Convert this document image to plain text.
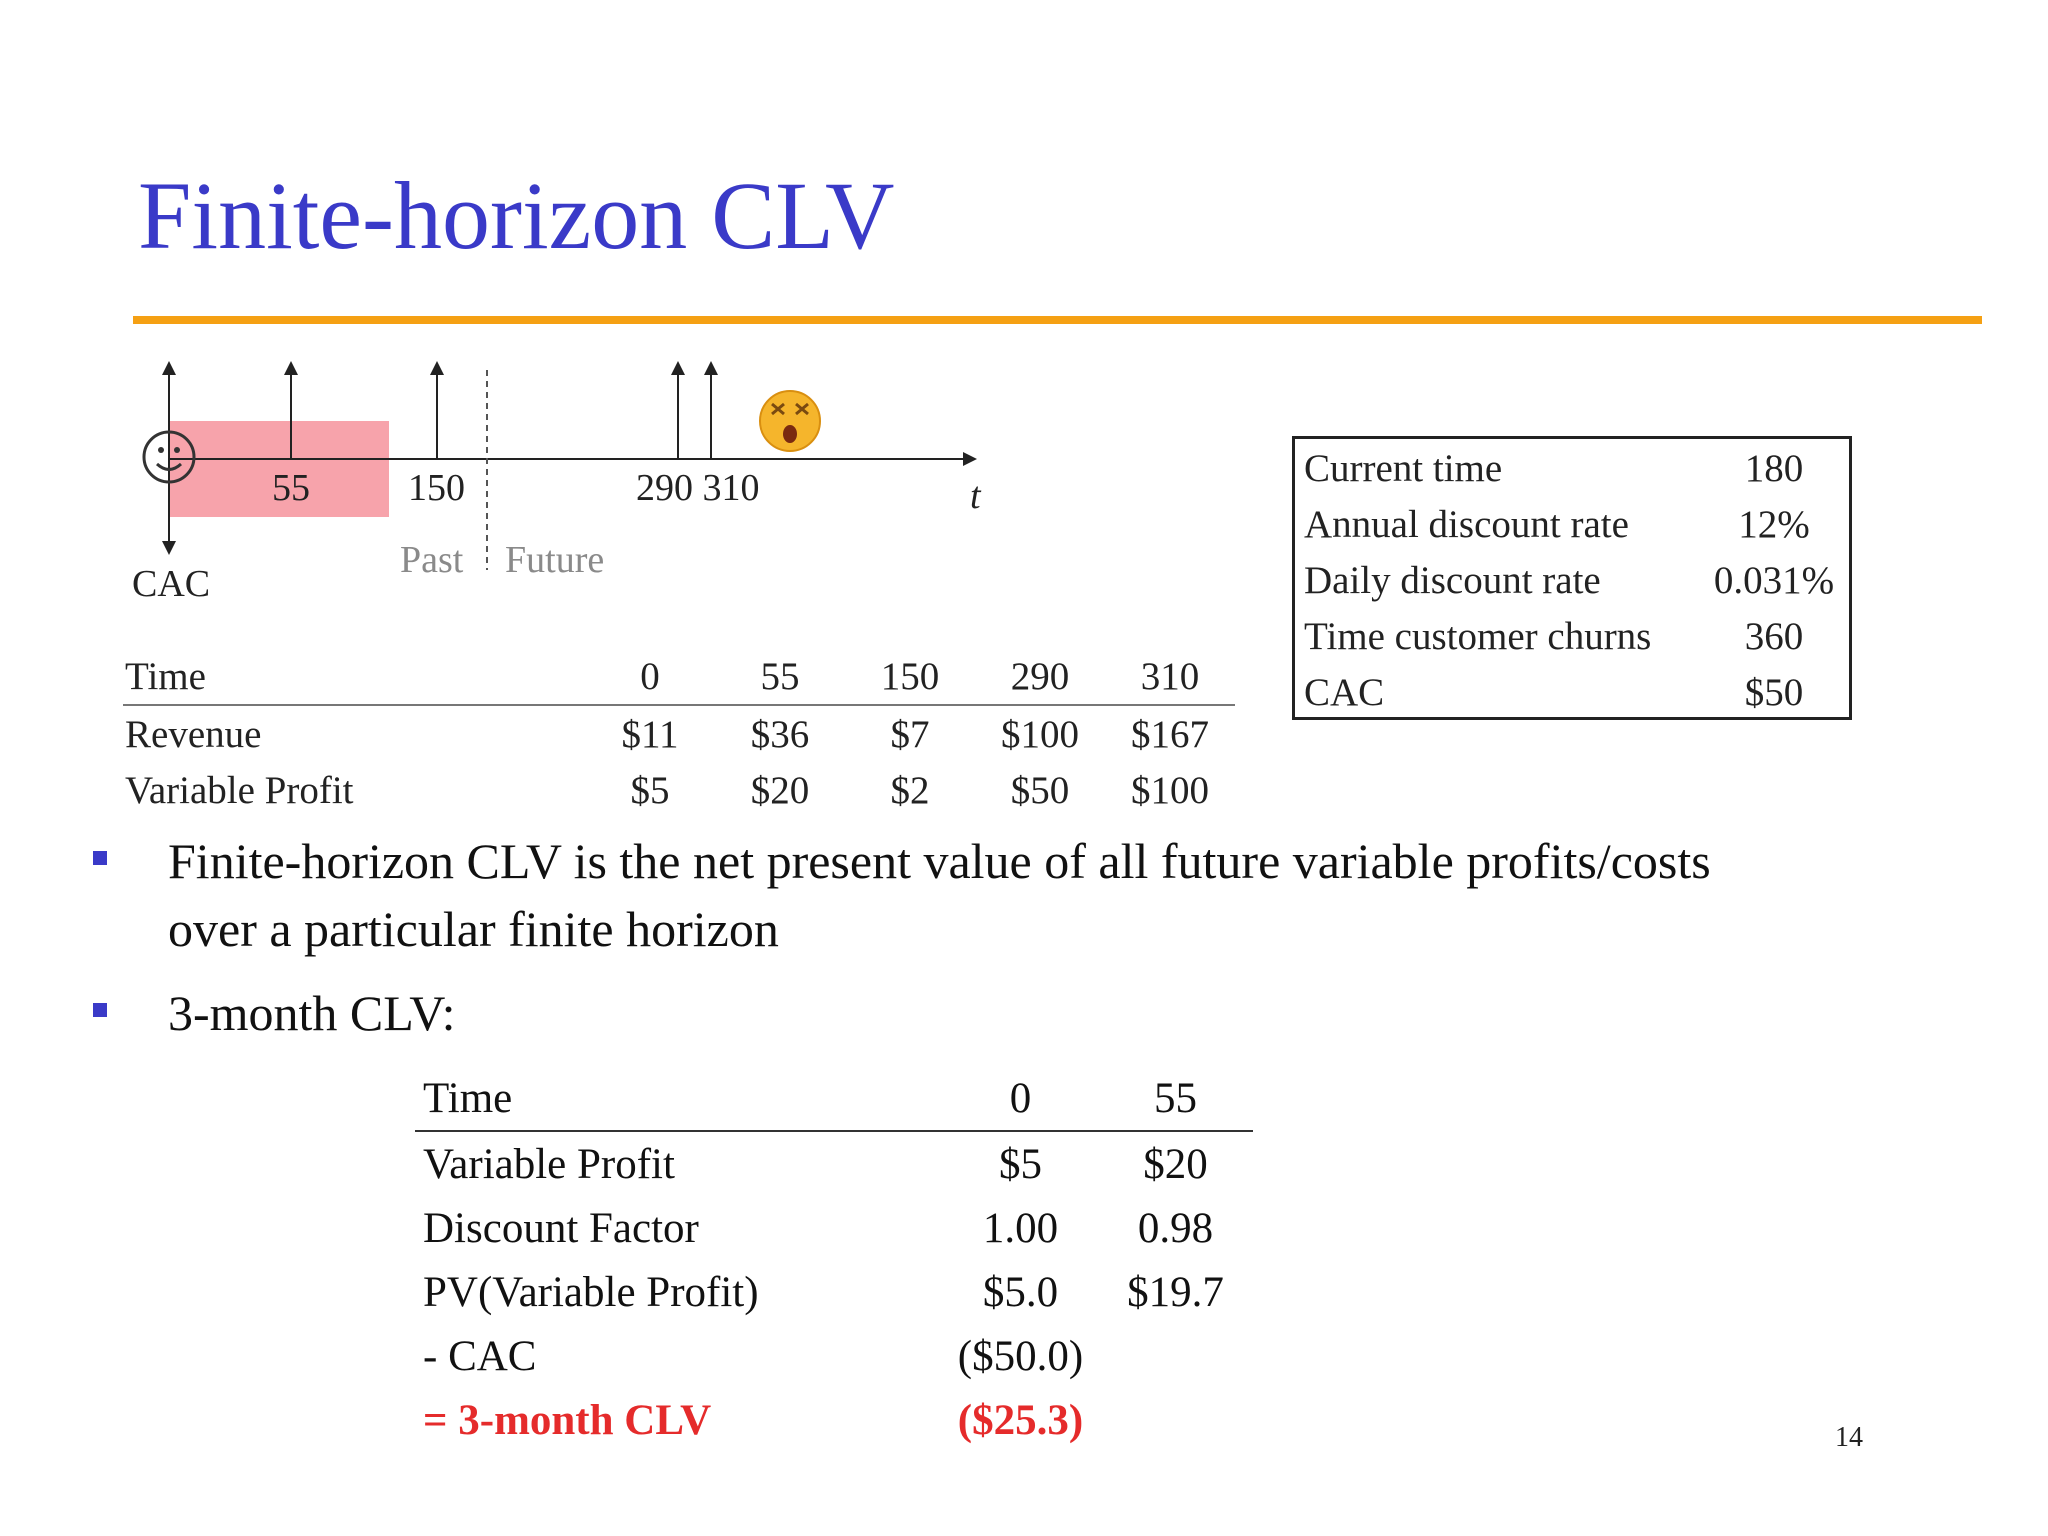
Finite-horizon CLV
55	150	290 310	t
CAC
Past Future
Time	0	55	150	290	310
Revenue	$11	$36	$7	$100	$167
Variable Profit	$5	$20	$2	$50	$100
Current time	180
Annual discount rate	12%
Daily discount rate	0.031%
Time customer churns	360
CAC	$50
Finite-horizon CLV is the net present value of all future variable profits/costs
over a particular finite horizon
3-month CLV:
Time	0	55
Variable Profit	$5	$20
Discount Factor	1.00	0.98
PV(Variable Profit)	$5.0	$19.7
- CAC	($50.0)	
= 3-month CLV	($25.3)		14
